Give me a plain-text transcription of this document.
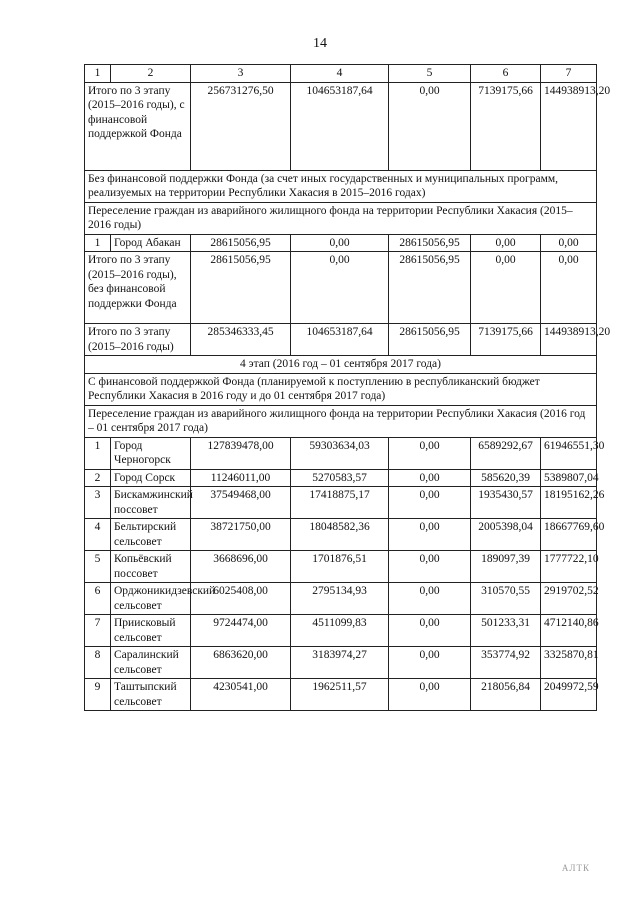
14
1	2	3	4	5	6	7
Итого по 3 этапу (2015–2016 годы), с финансовой поддержкой Фонда		256731276,50	104653187,64	0,00	7139175,66	144938913,20
Без финансовой поддержки Фонда (за счет иных государственных и муниципальных программ, реализуемых на территории Республики Хакасия в 2015–2016 годах)						
Переселение граждан из аварийного жилищного фонда на территории Республики Хакасия (2015–2016 годы)						
1	Город Абакан	28615056,95	0,00	28615056,95	0,00	0,00
Итого по 3 этапу (2015–2016 годы), без финансовой поддержки Фонда		28615056,95	0,00	28615056,95	0,00	0,00
Итого по 3 этапу (2015–2016 годы)		285346333,45	104653187,64	28615056,95	7139175,66	144938913,20
4 этап (2016 год – 01 сентября 2017 года)						
С финансовой поддержкой Фонда (планируемой к поступлению в республиканский бюджет Республики Хакасия в 2016 году и до 01 сентября 2017 года)						
Переселение граждан из аварийного жилищного фонда на территории Республики Хакасия (2016 год – 01 сентября 2017 года)						
1	Город Черногорск	127839478,00	59303634,03	0,00	6589292,67	61946551,30
2	Город Сорск	11246011,00	5270583,57	0,00	585620,39	5389807,04
3	Бискамжинский поссовет	37549468,00	17418875,17	0,00	1935430,57	18195162,26
4	Бельтирский сельсовет	38721750,00	18048582,36	0,00	2005398,04	18667769,60
5	Копьёвский поссовет	3668696,00	1701876,51	0,00	189097,39	1777722,10
6	Орджоникидзевский сельсовет	6025408,00	2795134,93	0,00	310570,55	2919702,52
7	Приисковый сельсовет	9724474,00	4511099,83	0,00	501233,31	4712140,86
8	Саралинский сельсовет	6863620,00	3183974,27	0,00	353774,92	3325870,81
9	Таштыпский сельсовет	4230541,00	1962511,57	0,00	218056,84	2049972,59
АЛТК
